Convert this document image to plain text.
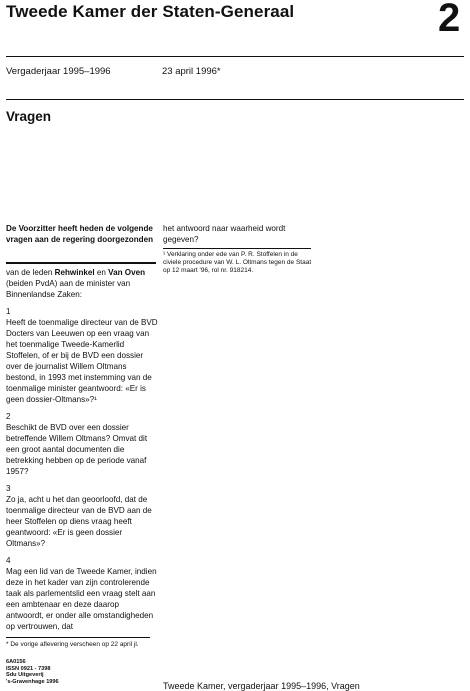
Tweede Kamer der Staten-Generaal	2
Vergaderjaar 1995–1996	23 april 1996*
Vragen
De Voorzitter heeft heden de volgende vragen aan de regering doorgezonden

van de leden Rehwinkel en Van Oven (beiden PvdA) aan de minister van Binnenlandse Zaken:

1

Heeft de toenmalige directeur van de BVD Docters van Leeuwen op een vraag van het toenmalige Tweede-Kamerlid Stoffelen, of er bij de BVD een dossier over de journalist Willem Oltmans bestond, in 1993 met instemming van de toenmalige minister geantwoord: «Er is geen dossier-Oltmans»?¹

2

Beschikt de BVD over een dossier betreffende Willem Oltmans? Omvat dit een groot aantal documenten die betrekking hebben op de periode vanaf 1957?

3

Zo ja, acht u het dan geoorloofd, dat de toenmalige directeur van de BVD aan de heer Stoffelen op diens vraag heeft geantwoord: «Er is geen dossier Oltmans»?

4

Mag een lid van de Tweede Kamer, indien deze in het kader van zijn controlerende taak als parlementslid een vraag stelt aan een ambtenaar en deze daarop antwoordt, er onder alle omstandigheden op vertrouwen, dat

* De vorige aflevering verscheen op 22 april jl.
6A0156
ISSN 0921 - 7398
Sdu Uitgeverij
's-Gravenhage 1996
het antwoord naar waarheid wordt gegeven?
¹ Verklaring onder ede van P. R. Stoffelen in de civiele procedure van W. L. Oltmans tegen de Staat op 12 maart '96, rol nr. 918214.
Tweede Kamer, vergaderjaar 1995–1996, Vragen
